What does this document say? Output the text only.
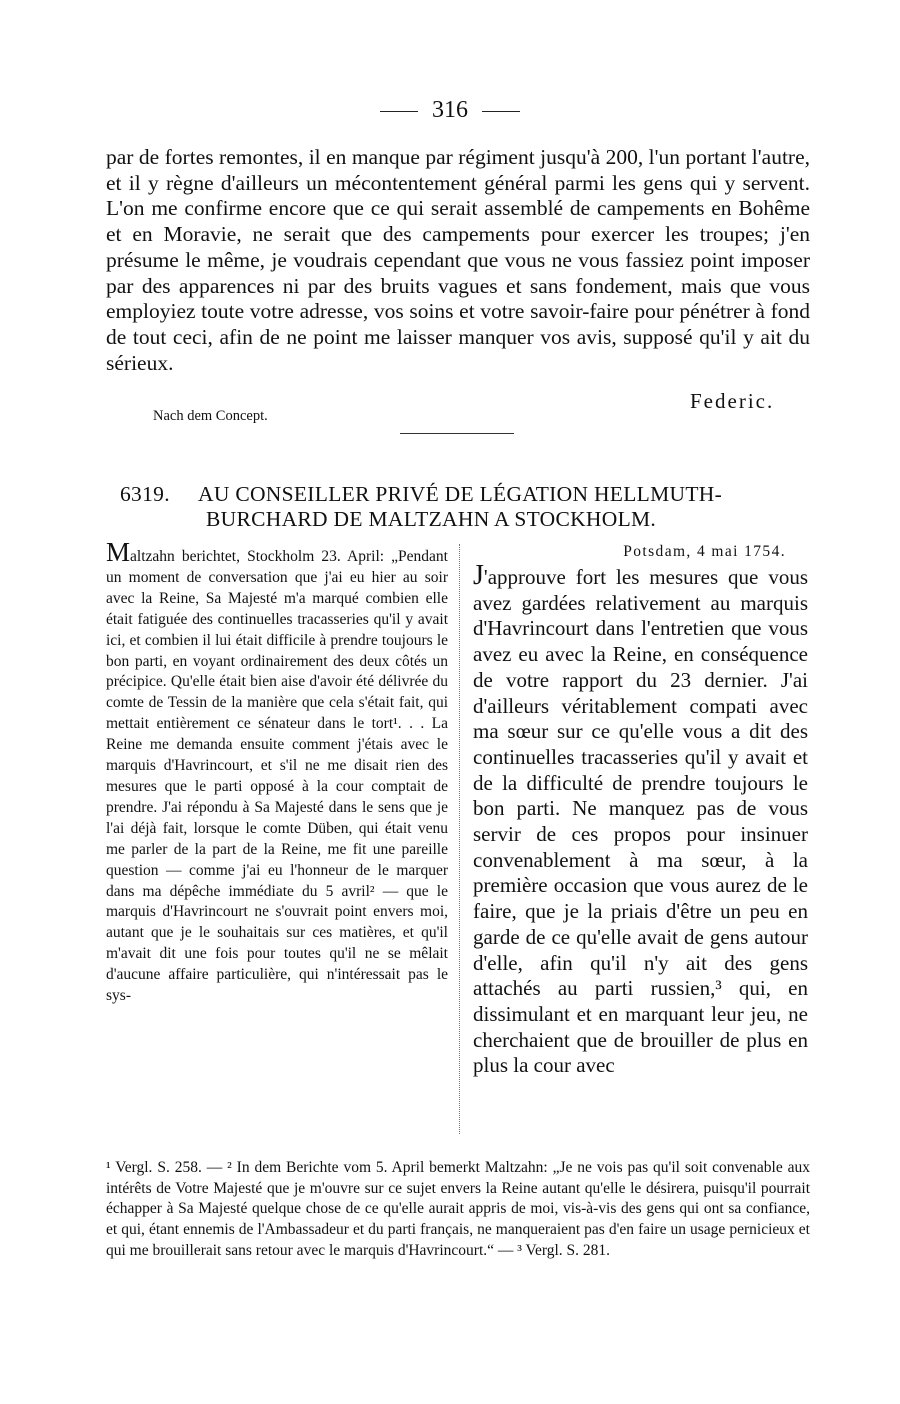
316

par de fortes remontes, il en manque par régiment jusqu'à 200, l'un portant l'autre, et il y règne d'ailleurs un mécontentement général parmi les gens qui y servent. L'on me confirme encore que ce qui serait assemblé de campements en Bohême et en Moravie, ne serait que des campements pour exercer les troupes; j'en présume le même, je voudrais cependant que vous ne vous fassiez point imposer par des apparences ni par des bruits vagues et sans fondement, mais que vous employiez toute votre adresse, vos soins et votre savoir-faire pour pénétrer à fond de tout ceci, afin de ne point me laisser manquer vos avis, supposé qu'il y ait du sérieux.

Federic.
Nach dem Concept.
6319. AU CONSEILLER PRIVÉ DE LÉGATION HELLMUTH-
BURCHARD DE MALTZAHN A STOCKHOLM.

Maltzahn berichtet, Stockholm 23. April: „Pendant un moment de conversation que j'ai eu hier au soir avec la Reine, Sa Majesté m'a marqué combien elle était fatiguée des continuelles tracasseries qu'il y avait ici, et combien il lui était difficile à prendre toujours le bon parti, en voyant ordinairement des deux côtés un précipice. Qu'elle était bien aise d'avoir été délivrée du comte de Tessin de la manière que cela s'était fait, qui mettait entièrement ce sénateur dans le tort¹. . . La Reine me demanda ensuite comment j'étais avec le marquis d'Havrincourt, et s'il ne me disait rien des mesures que le parti opposé à la cour comptait de prendre. J'ai répondu à Sa Majesté dans le sens que je l'ai déjà fait, lorsque le comte Düben, qui était venu me parler de la part de la Reine, me fit une pareille question — comme j'ai eu l'honneur de le marquer dans ma dépêche immédiate du 5 avril² — que le marquis d'Havrincourt ne s'ouvrait point envers moi, autant que je le souhaitais sur ces matières, et qu'il m'avait dit une fois pour toutes qu'il ne se mêlait d'aucune affaire particulière, qui n'intéressait pas le sys-

Potsdam, 4 mai 1754.

J'approuve fort les mesures que vous avez gardées relativement au marquis d'Havrincourt dans l'entretien que vous avez eu avec la Reine, en conséquence de votre rapport du 23 dernier. J'ai d'ailleurs véritablement compati avec ma sœur sur ce qu'elle vous a dit des continuelles tracasseries qu'il y avait et de la difficulté de prendre toujours le bon parti. Ne manquez pas de vous servir de ces propos pour insinuer convenablement à ma sœur, à la première occasion que vous aurez de le faire, que je la priais d'être un peu en garde de ce qu'elle avait de gens autour d'elle, afin qu'il n'y ait des gens attachés au parti russien,³ qui, en dissimulant et en marquant leur jeu, ne cherchaient que de brouiller de plus en plus la cour avec

¹ Vergl. S. 258. — ² In dem Berichte vom 5. April bemerkt Maltzahn: „Je ne vois pas qu'il soit convenable aux intérêts de Votre Majesté que je m'ouvre sur ce sujet envers la Reine autant qu'elle le désirera, puisqu'il pourrait échapper à Sa Majesté quelque chose de ce qu'elle aurait appris de moi, vis-à-vis des gens qui ont sa confiance, et qui, étant ennemis de l'Ambassadeur et du parti français, ne manqueraient pas d'en faire un usage pernicieux et qui me brouillerait sans retour avec le marquis d'Havrincourt.“ — ³ Vergl. S. 281.
